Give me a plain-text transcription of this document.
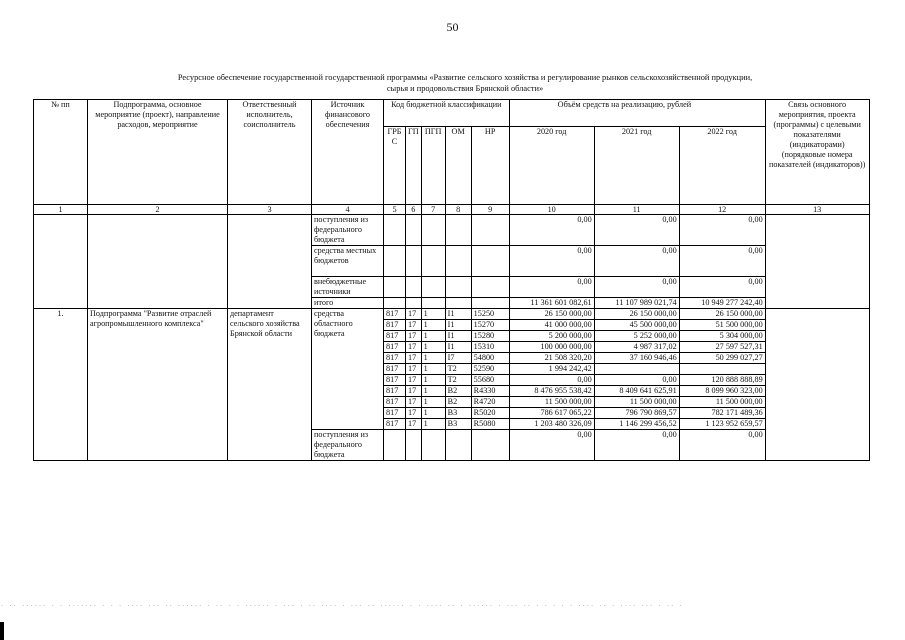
50
Ресурсное обеспечение государственной государственной программы «Развитие сельского хозяйства и регулирование рынков сельскохозяйственной продукции,
сырья и продовольствия Брянской области»
№ пп	Подпрограмма, основное мероприятие (проект), направление расходов, мероприятие	Ответственный исполнитель, соисполнитель	Источник финансового обеспечения	Код бюджетной классификации					Объём средств на реализацию, рублей			Связь основного мероприятия, проекта (программы) с целевыми показателями (индикаторами) (порядковые номера показателей (индикаторов))
				ГРБ С	ГП	ПГП	ОМ	НР	2020 год	2021 год	2022 год	
1	2	3	4	5	6	7	8	9	10	11	12	13
			поступления из федерального бюджета						0,00	0,00	0,00	
			средства местных бюджетов						0,00	0,00	0,00	
			внебюджетные источники						0,00	0,00	0,00	
			итого						11 361 601 082,61	11 107 989 021,74	10 949 277 242,40	
1.	Подпрограмма "Развитие отраслей агропромышленного комплекса"	департамент сельского хозяйства Брянской области	средства областного бюджета	817	17	1	I1	15250	26 150 000,00	26 150 000,00	26 150 000,00	
				817	17	1	I1	15270	41 000 000,00	45 500 000,00	51 500 000,00	
				817	17	1	I1	15280	5 200 000,00	5 252 000,00	5 304 000,00	
				817	17	1	I1	15310	100 000 000,00	4 987 317,02	27 597 527,31	
				817	17	1	I7	54800	21 508 320,20	37 160 946,46	50 299 027,27	
				817	17	1	T2	52590	1 994 242,42			
				817	17	1	T2	55680	0,00	0,00	120 888 888,89	
				817	17	1	B2	R4330	8 476 955 538,42	8 409 641 625,91	8 099 960 323,00	
				817	17	1	B2	R4720	11 500 000,00	11 500 000,00	11 500 000,00	
				817	17	1	B3	R5020	786 617 065,22	796 790 869,57	782 171 489,36	
				817	17	1	B3	R5080	1 203 480 326,09	1 146 299 456,52	1 123 952 659,57	
			поступления из федерального бюджета						0,00	0,00	0,00	
. .. ...... . . ....... . . . .... ... .. ...... . .. . . ...... . ... . .. .... . ... .. ...... . . .... .. . ...... . ... .. . . . . . .... .. . .... ... . .. .
